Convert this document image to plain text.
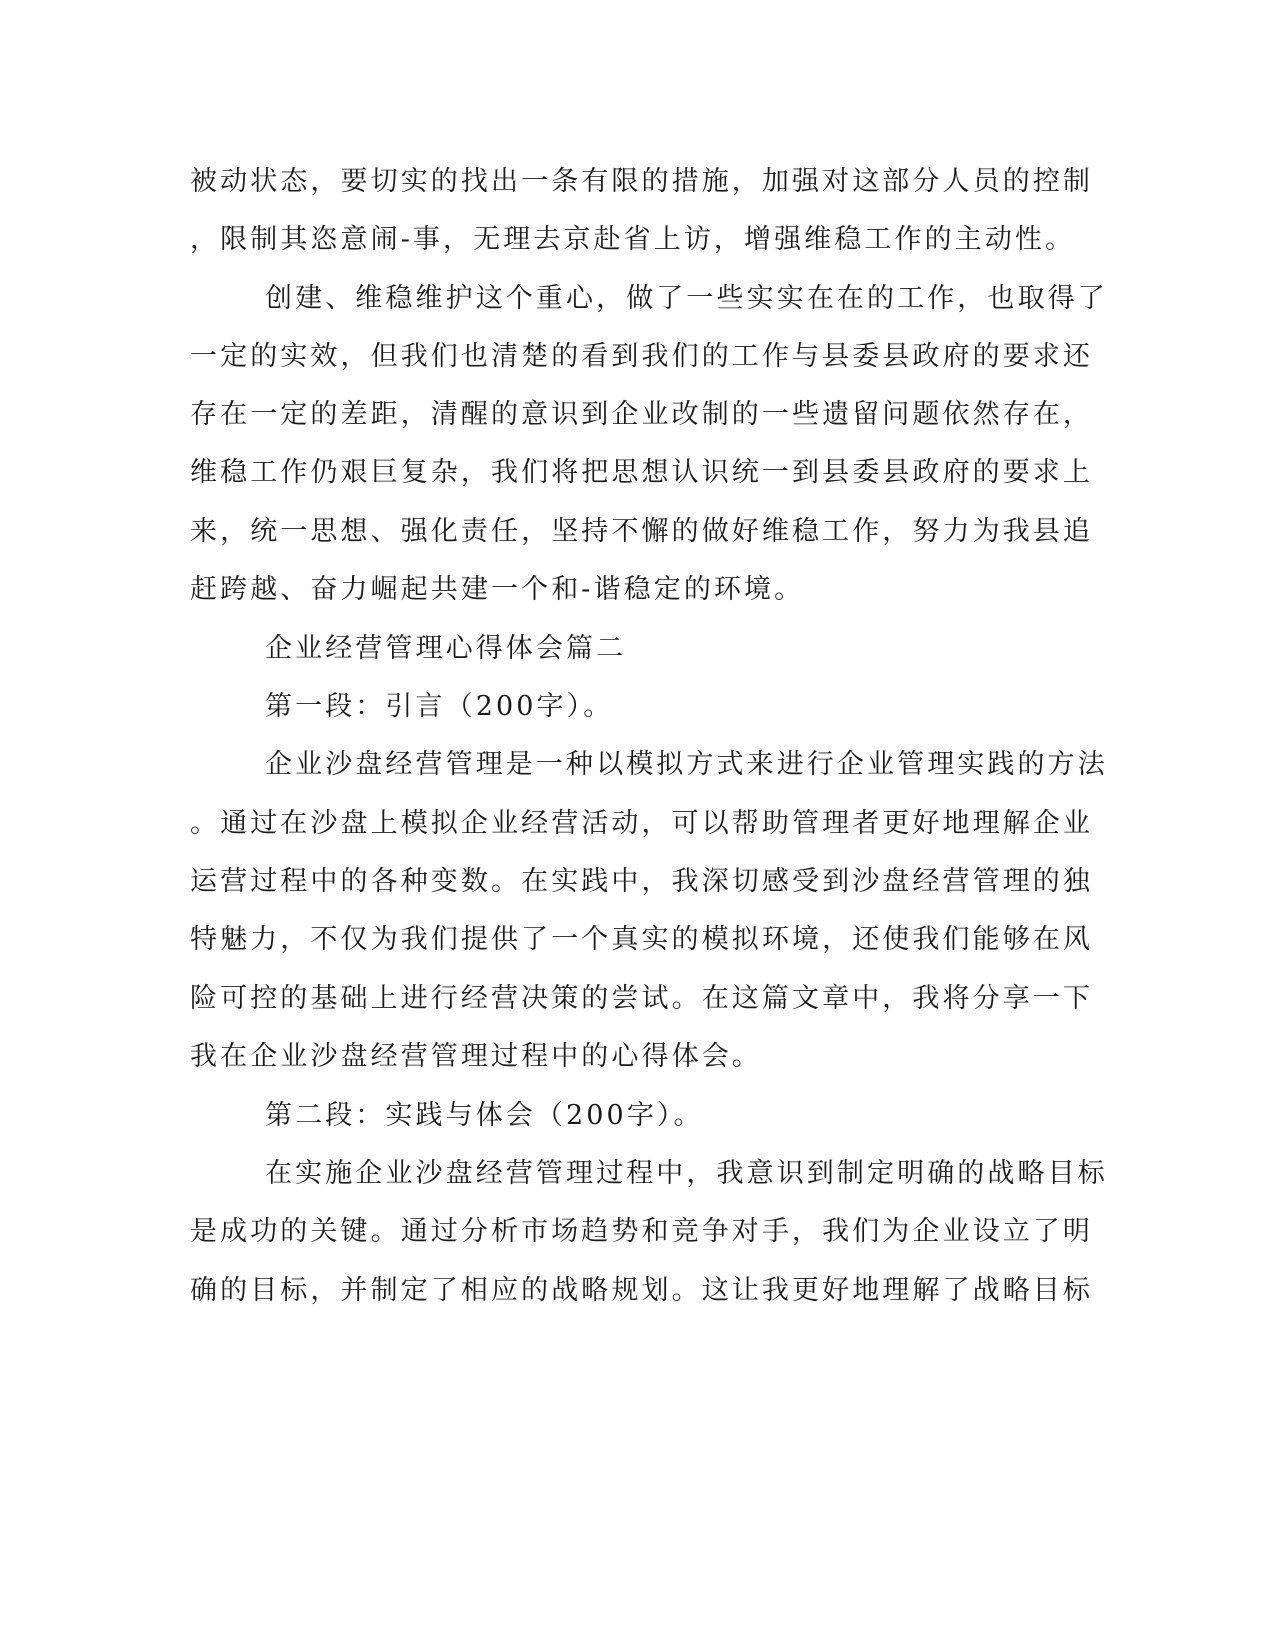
被动状态，要切实的找出一条有限的措施，加强对这部分人员的控制
，限制其恣意闹-事，无理去京赴省上访，增强维稳工作的主动性。
创建、维稳维护这个重心，做了一些实实在在的工作，也取得了
一定的实效，但我们也清楚的看到我们的工作与县委县政府的要求还
存在一定的差距，清醒的意识到企业改制的一些遗留问题依然存在，
维稳工作仍艰巨复杂，我们将把思想认识统一到县委县政府的要求上
来，统一思想、强化责任，坚持不懈的做好维稳工作，努力为我县追
赶跨越、奋力崛起共建一个和-谐稳定的环境。
企业经营管理心得体会篇二
第一段：引言（200字）。
企业沙盘经营管理是一种以模拟方式来进行企业管理实践的方法
。通过在沙盘上模拟企业经营活动，可以帮助管理者更好地理解企业
运营过程中的各种变数。在实践中，我深切感受到沙盘经营管理的独
特魅力，不仅为我们提供了一个真实的模拟环境，还使我们能够在风
险可控的基础上进行经营决策的尝试。在这篇文章中，我将分享一下
我在企业沙盘经营管理过程中的心得体会。
第二段：实践与体会（200字）。
在实施企业沙盘经营管理过程中，我意识到制定明确的战略目标
是成功的关键。通过分析市场趋势和竞争对手，我们为企业设立了明
确的目标，并制定了相应的战略规划。这让我更好地理解了战略目标
